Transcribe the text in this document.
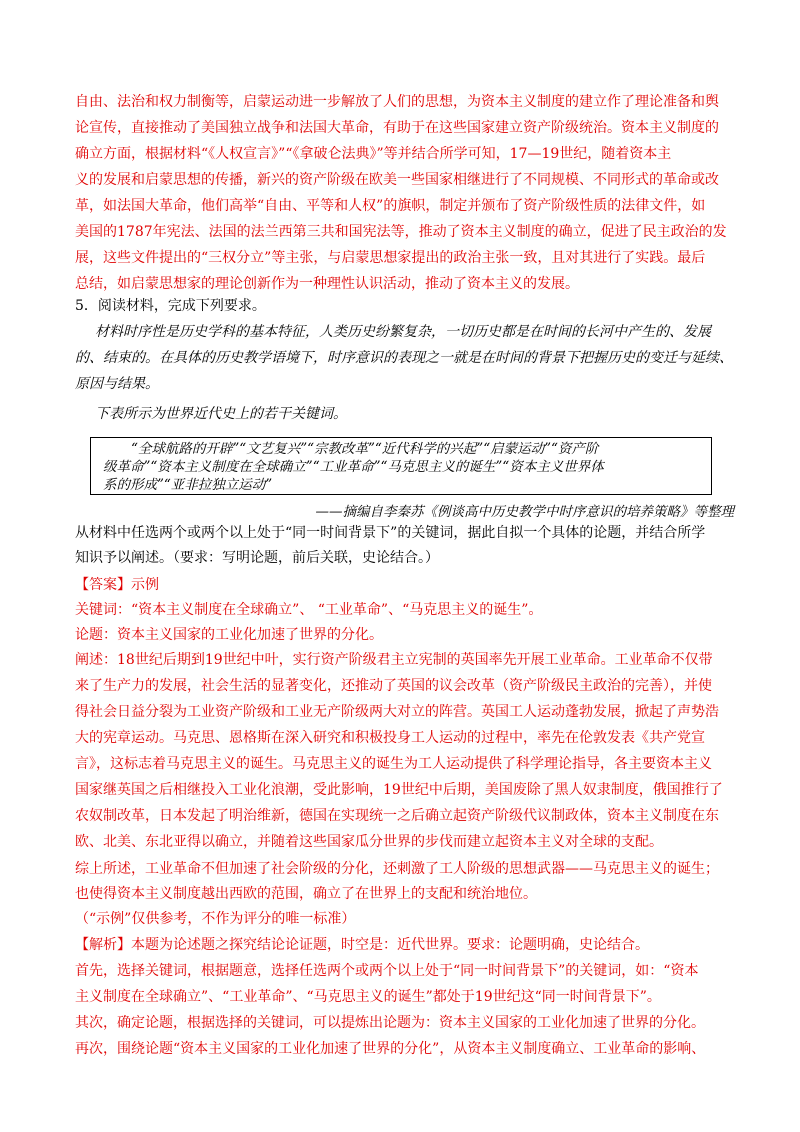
自由、法治和权力制衡等，启蒙运动进一步解放了人们的思想，为资本主义制度的建立作了理论准备和舆
论宣传，直接推动了美国独立战争和法国大革命，有助于在这些国家建立资产阶级统治。资本主义制度的
确立方面，根据材料“《人权宣言》”“《拿破仑法典》”等并结合所学可知，17—19世纪，随着资本主
义的发展和启蒙思想的传播，新兴的资产阶级在欧美一些国家相继进行了不同规模、不同形式的革命或改
革，如法国大革命，他们高举“自由、平等和人权”的旗帜，制定并颁布了资产阶级性质的法律文件，如
美国的1787年宪法、法国的法兰西第三共和国宪法等，推动了资本主义制度的确立，促进了民主政治的发
展，这些文件提出的“三权分立”等主张，与启蒙思想家提出的政治主张一致，且对其进行了实践。最后
总结，如启蒙思想家的理论创新作为一种理性认识活动，推动了资本主义的发展。
5．阅读材料，完成下列要求。
材料时序性是历史学科的基本特征，人类历史纷繁复杂，一切历史都是在时间的长河中产生的、发展
的、结束的。在具体的历史教学语境下，时序意识的表现之一就是在时间的背景下把握历史的变迁与延续、
原因与结果。
下表所示为世界近代史上的若干关键词。
“全球航路的开辟”“文艺复兴”“宗教改革”“近代科学的兴起”“启蒙运动”“资产阶
级革命”“资本主义制度在全球确立”“工业革命”“马克思主义的诞生”“资本主义世界体
系的形成”“亚非拉独立运动”
——摘编自李秦苏《例谈高中历史教学中时序意识的培养策略》等整理
从材料中任选两个或两个以上处于“同一时间背景下”的关键词，据此自拟一个具体的论题，并结合所学
知识予以阐述。（要求：写明论题，前后关联，史论结合。）
【答案】示例
关键词：“资本主义制度在全球确立”、 “工业革命”、“马克思主义的诞生”。
论题：资本主义国家的工业化加速了世界的分化。
阐述：18世纪后期到19世纪中叶，实行资产阶级君主立宪制的英国率先开展工业革命。工业革命不仅带
来了生产力的发展，社会生活的显著变化，还推动了英国的议会改革（资产阶级民主政治的完善），并使
得社会日益分裂为工业资产阶级和工业无产阶级两大对立的阵营。英国工人运动蓬勃发展，掀起了声势浩
大的宪章运动。马克思、恩格斯在深入研究和积极投身工人运动的过程中，率先在伦敦发表《共产党宣
言》，这标志着马克思主义的诞生。马克思主义的诞生为工人运动提供了科学理论指导，各主要资本主义
国家继英国之后相继投入工业化浪潮，受此影响，19世纪中后期，美国废除了黑人奴隶制度，俄国推行了
农奴制改革，日本发起了明治维新，德国在实现统一之后确立起资产阶级代议制政体，资本主义制度在东
欧、北美、东北亚得以确立，并随着这些国家瓜分世界的步伐而建立起资本主义对全球的支配。
综上所述，工业革命不但加速了社会阶级的分化，还刺激了工人阶级的思想武器——马克思主义的诞生；
也使得资本主义制度越出西欧的范围，确立了在世界上的支配和统治地位。
（“示例”仅供参考，不作为评分的唯一标准）
【解析】本题为论述题之探究结论论证题，时空是：近代世界。要求：论题明确，史论结合。
首先，选择关键词，根据题意，选择任选两个或两个以上处于“同一时间背景下”的关键词，如：“资本
主义制度在全球确立”、“工业革命”、“马克思主义的诞生”都处于19世纪这“同一时间背景下”。
其次，确定论题，根据选择的关键词，可以提炼出论题为：资本主义国家的工业化加速了世界的分化。
再次，围绕论题“资本主义国家的工业化加速了世界的分化”，从资本主义制度确立、工业革命的影响、
